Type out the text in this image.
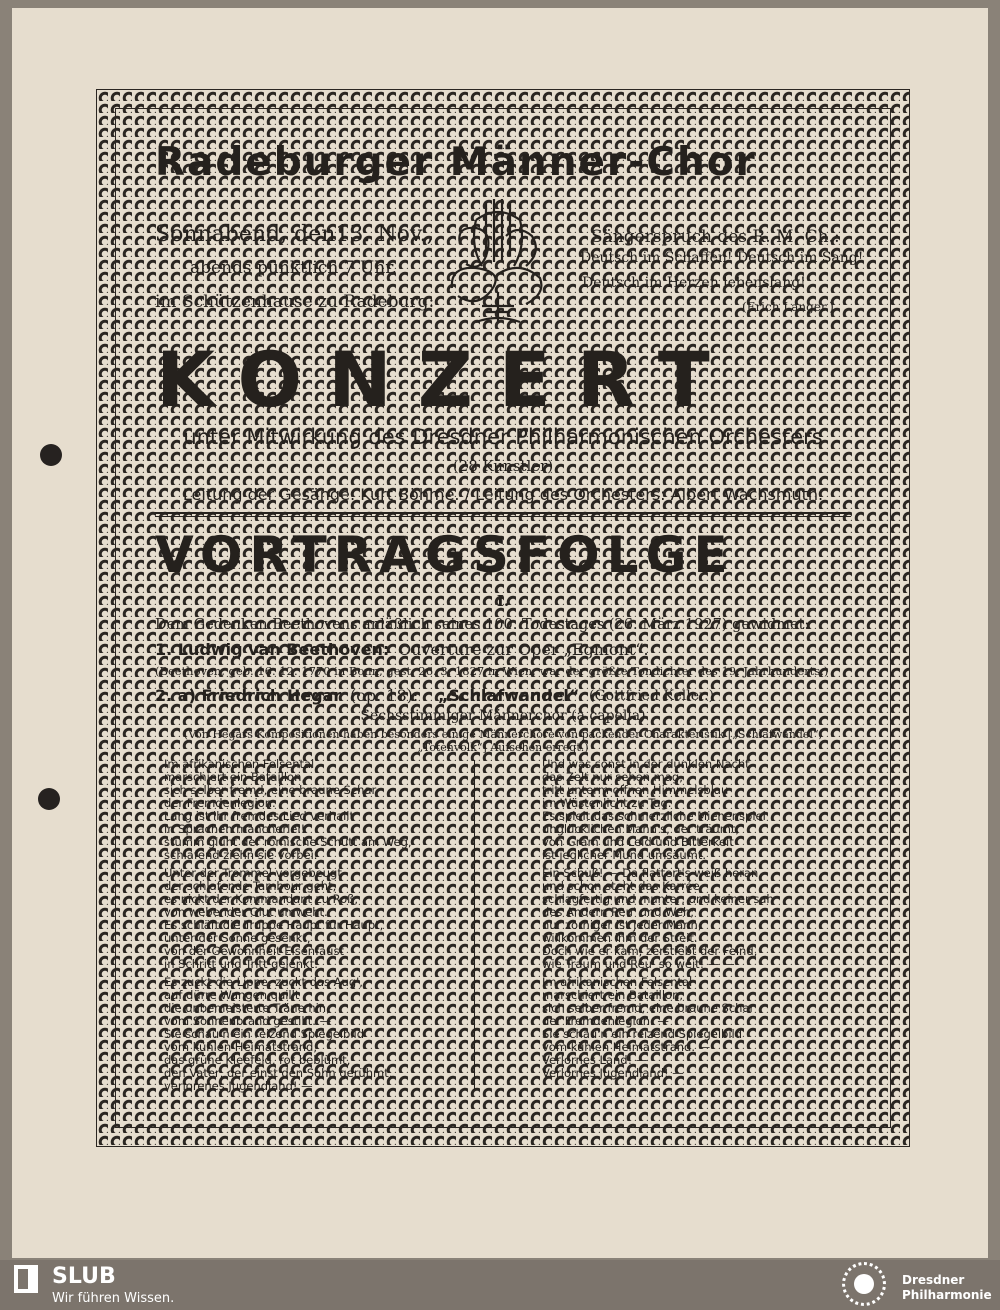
Radeburger Männer-Chor
Sonnabend, den13. Nov.,
abends pünktlich 7 Uhr,
im Schützenhause zu Radeburg:
Sängerspruch des R. M.-Ch.:
Deutsch im Schaffen! Deutsch im Sang!
Deutsch im Herzen lebenslang!
(Erich Langer.)
KONZERT
unter Mitwirkung des Dresdner Philharmonischen Orchesters
(28 Künstler)
Leitung der Gesänge: Kurt Böhme. / Leitung des Orchesters: Albert Wachsmuth.
VORTRAGSFOLGE
I.
Dem Gedenken Beethovens anläßlich seines 100. Todestages (26. März 1927) gewidmet:
1. Ludwig van Beethoven: Ouverture zur Oper „Egmont“.
(Beethoven, geb. 16. 12. 1770 in Bonn, gest. 26. 3. 1827 in Wien, war der größte Tondichter des 19. Jahrhunderts.)
2. a) Friedrich Hegar (op. 18): „Schlafwandel“ (Gottfried Keller.)
Sechsstimmiger Männerchor (à capella)
(Von Hegars Kompositionen haben besonders einige Männerchöre von packender Charakteristik [„Schlafwandel“,
„Totenvolk“] Aufsehen erregt.)
Im afrikanischen Felsental
marschiert ein Bataillon,
sich selber fremd, eine braune Schar
der Fremdenlegion.
Lang ist ihr fremdes Lied verhallt
in Sprachen mancherlei!
stumm glüht der römische Schutt am Weg,
schlafend ziehn sie vorbei.
Unter der Trommel vorgebeugt
der schlafende Tambour geht,
es nickt der Kommandant zu Roß,
von webender Glut umweht.
Es schläft die Truppe Haupt für Haupt,
unter der Sonne gesenkt,
von der Gewohnheit Eisenfaust
in Schritt und Tritt gelenkt.
Es zuckt die Lippe, zuckt das Aug',
auf dürre Wangen quillt
die unbemeisterte Träne hin,
vom Sonnenbrand gestillt. —
Sie schau'n ein reizend Spiegelbild
vom kühlen Heimatstrand,
das grüne Kleefeld, rot beblümt,
den Vater, der einst den Sohn gerühmt,
verlorenes Jugendland! —
Und was sonst in der dunklen Nacht
das Zelt nur sehen mag,
tritt unterm offnen Himmelsblau
im Wüstenlicht zu Tag.
Es spielt das schmerzliche Mienenspiel
unglücklichen Mann's, der träumt,
von Gram und Leid und Bitterkeit
ist jeglicher Mund umsäumt.
Ein Schuß! — Da flattert's weiß heran,
und schon steht das Karrée
schlagfertig und munter, und keiner sah
des Andern Reu' und Weh;
nur zorniger ist jeder Mann,
willkommen ihm der Streit.
Doch wie er kam, zerstiebt der Feind,
wie Traum und Reu' so weit! — —
Im afrikanischen Felsental
marschiert ein Bataillon,
sich selber fremd, eine braune Schar
der Fremdenlegion. —
Sie schau'n ein reizend Spiegelbild
vom kühlen Heimatstrand. —
Verlornes Land! —
Verlornes Jugendland! —
SLUB
Wir führen Wissen.
Dresdner
Philharmonie
